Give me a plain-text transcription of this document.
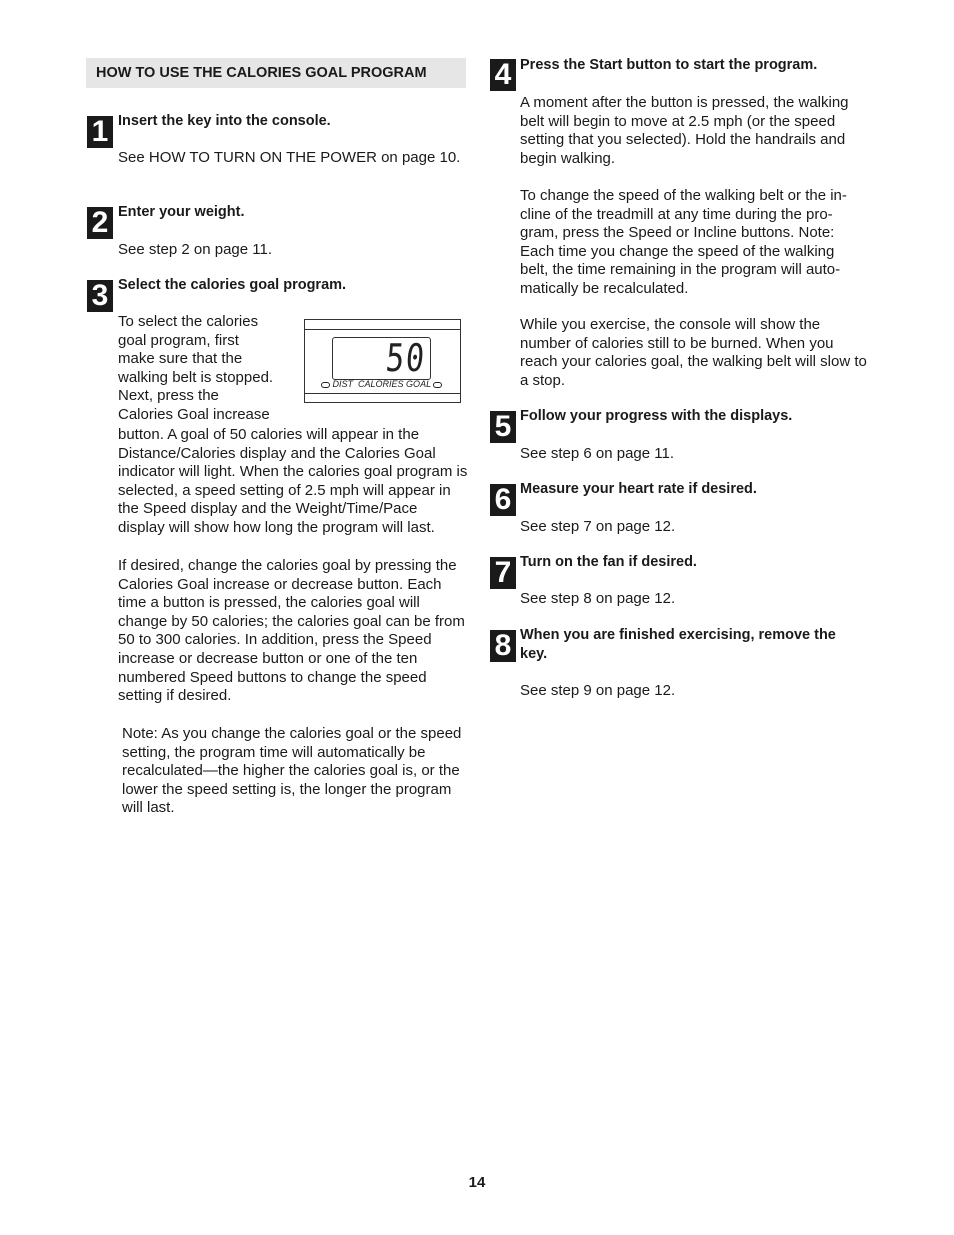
HOW TO USE THE CALORIES GOAL PROGRAM
1 Insert the key into the console.

See HOW TO TURN ON THE POWER on page 10.

2 Enter your weight.

See step 2 on page 11.

3 Select the calories goal program.
To select the calories
goal program, first
make sure that the
walking belt is stopped.
Next, press the
Calories Goal increase
50
DIST CALORIES GOAL

button. A goal of 50 calories will appear in the Distance/Calories display and the Calories Goal indicator will light. When the calories goal program is selected, a speed setting of 2.5 mph will appear in the Speed display and the Weight/Time/Pace display will show how long the program will last.

If desired, change the calories goal by pressing the Calories Goal increase or decrease button. Each time a button is pressed, the calories goal will change by 50 calories; the calories goal can be from 50 to 300 calories. In addition, press the Speed increase or decrease button or one of the ten numbered Speed buttons to change the speed setting if desired.

Note: As you change the calories goal or the speed setting, the program time will automatically be recalculated—the higher the calories goal is, or the lower the speed setting is, the longer the program will last.

4 Press the Start button to start the program.

A moment after the button is pressed, the walking belt will begin to move at 2.5 mph (or the speed setting that you selected). Hold the handrails and begin walking.

To change the speed of the walking belt or the in-cline of the treadmill at any time during the pro-gram, press the Speed or Incline buttons. Note: Each time you change the speed of the walking belt, the time remaining in the program will auto-matically be recalculated.

While you exercise, the console will show the number of calories still to be burned. When you reach your calories goal, the walking belt will slow to a stop.

5 Follow your progress with the displays.

See step 6 on page 11.

6 Measure your heart rate if desired.

See step 7 on page 12.

7 Turn on the fan if desired.

See step 8 on page 12.

8 When you are finished exercising, remove the key.

See step 9 on page 12.

14
